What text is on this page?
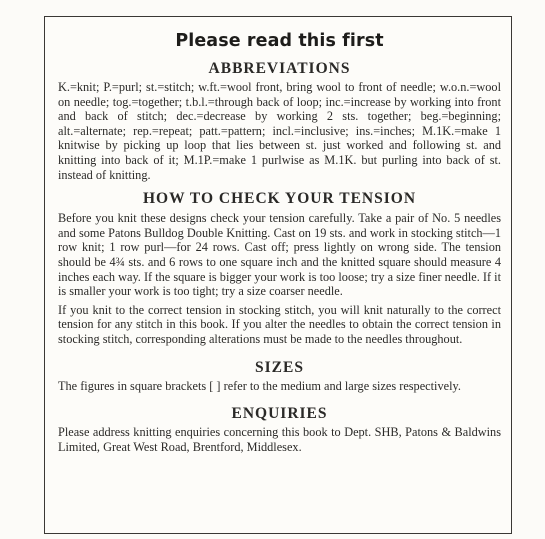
Please read this first
ABBREVIATIONS

K.=knit; P.=purl; st.=stitch; w.ft.=wool front, bring wool to front of needle; w.o.n.=wool on needle; tog.=together; t.b.l.=through back of loop; inc.=increase by working into front and back of stitch; dec.=decrease by working 2 sts. together; beg.=beginning; alt.=alternate; rep.=repeat; patt.=pattern; incl.=inclusive; ins.=inches; M.1K.=make 1 knitwise by picking up loop that lies between st. just worked and following st. and knitting into back of it; M.1P.=make 1 purlwise as M.1K. but purling into back of st. instead of knitting.

HOW TO CHECK YOUR TENSION

Before you knit these designs check your tension carefully. Take a pair of No. 5 needles and some Patons Bulldog Double Knitting. Cast on 19 sts. and work in stocking stitch—1 row knit; 1 row purl—for 24 rows. Cast off; press lightly on wrong side. The tension should be 4¾ sts. and 6 rows to one square inch and the knitted square should measure 4 inches each way. If the square is bigger your work is too loose; try a size finer needle. If it is smaller your work is too tight; try a size coarser needle.

If you knit to the correct tension in stocking stitch, you will knit naturally to the correct tension for any stitch in this book. If you alter the needles to obtain the correct tension in stocking stitch, corresponding alterations must be made to the needles throughout.

SIZES

The figures in square brackets [ ] refer to the medium and large sizes respectively.

ENQUIRIES

Please address knitting enquiries concerning this book to Dept. SHB, Patons & Baldwins Limited, Great West Road, Brentford, Middlesex.
